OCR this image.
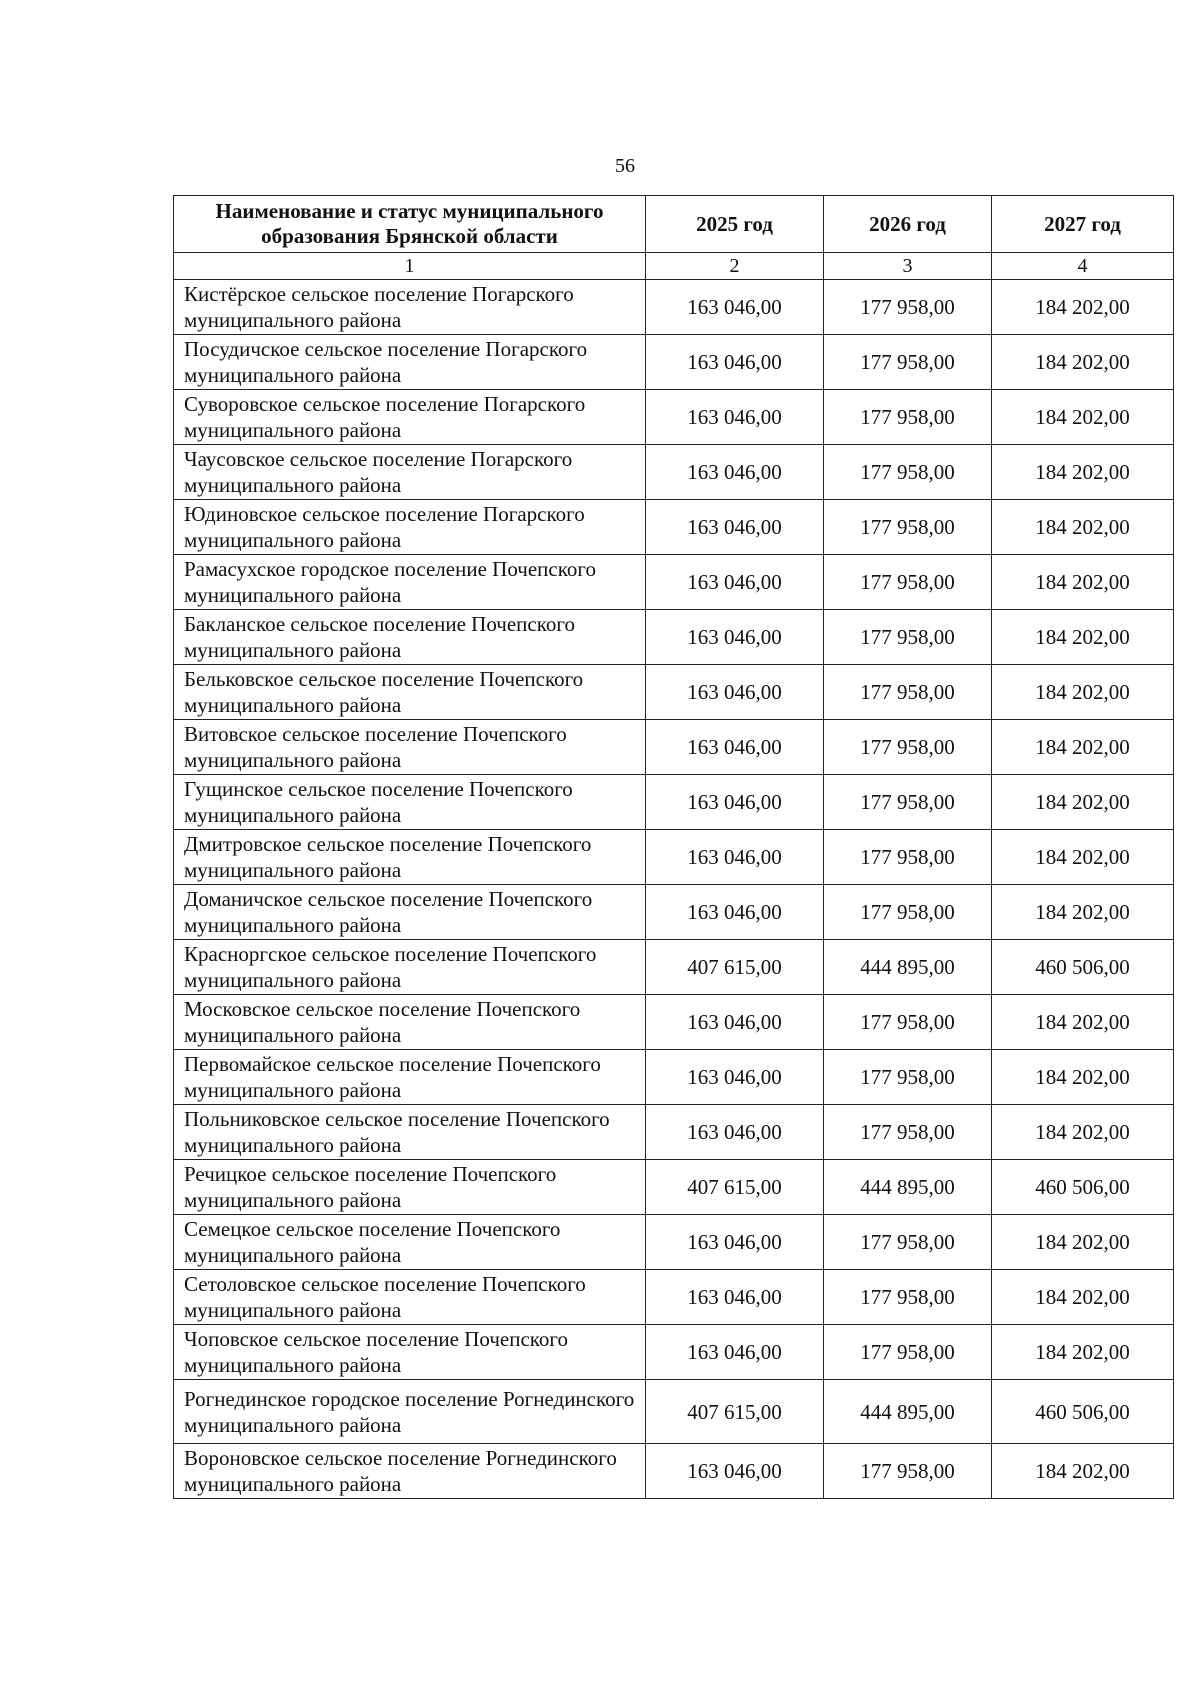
56
Наименование и статус муниципального образования Брянской области	2025 год	2026 год	2027 год
1	2	3	4
Кистёрское сельское поселение Погарского муниципального района	163 046,00	177 958,00	184 202,00
Посудичское сельское поселение Погарского муниципального района	163 046,00	177 958,00	184 202,00
Суворовское сельское поселение Погарского муниципального района	163 046,00	177 958,00	184 202,00
Чаусовское сельское поселение Погарского муниципального района	163 046,00	177 958,00	184 202,00
Юдиновское сельское поселение Погарского муниципального района	163 046,00	177 958,00	184 202,00
Рамасухское городское поселение Почепского муниципального района	163 046,00	177 958,00	184 202,00
Бакланское сельское поселение Почепского муниципального района	163 046,00	177 958,00	184 202,00
Бельковское сельское поселение Почепского муниципального района	163 046,00	177 958,00	184 202,00
Витовское сельское поселение Почепского муниципального района	163 046,00	177 958,00	184 202,00
Гущинское сельское поселение Почепского муниципального района	163 046,00	177 958,00	184 202,00
Дмитровское сельское поселение Почепского муниципального района	163 046,00	177 958,00	184 202,00
Доманичское сельское поселение Почепского муниципального района	163 046,00	177 958,00	184 202,00
Красноргское сельское поселение Почепского муниципального района	407 615,00	444 895,00	460 506,00
Московское сельское поселение Почепского муниципального района	163 046,00	177 958,00	184 202,00
Первомайское сельское поселение Почепского муниципального района	163 046,00	177 958,00	184 202,00
Польниковское сельское поселение Почепского муниципального района	163 046,00	177 958,00	184 202,00
Речицкое сельское поселение Почепского муниципального района	407 615,00	444 895,00	460 506,00
Семецкое сельское поселение Почепского муниципального района	163 046,00	177 958,00	184 202,00
Сетоловское сельское поселение Почепского муниципального района	163 046,00	177 958,00	184 202,00
Чоповское сельское поселение Почепского муниципального района	163 046,00	177 958,00	184 202,00
Рогнединское городское поселение Рогнединского муниципального района	407 615,00	444 895,00	460 506,00
Вороновское сельское поселение Рогнединского муниципального района	163 046,00	177 958,00	184 202,00
